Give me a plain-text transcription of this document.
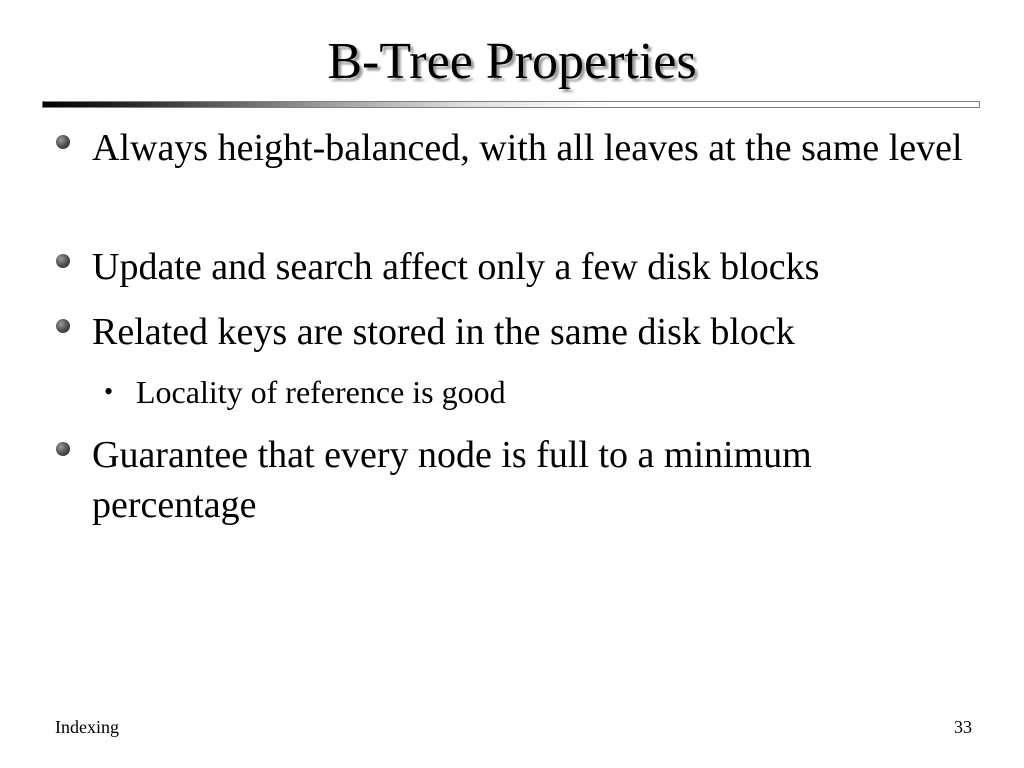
B-Tree Properties
Always height-balanced, with all leaves at the same level
Update and search affect only a few disk blocks
Related keys are stored in the same disk block
• Locality of reference is good
Guarantee that every node is full to a minimum percentage
Indexing	33
